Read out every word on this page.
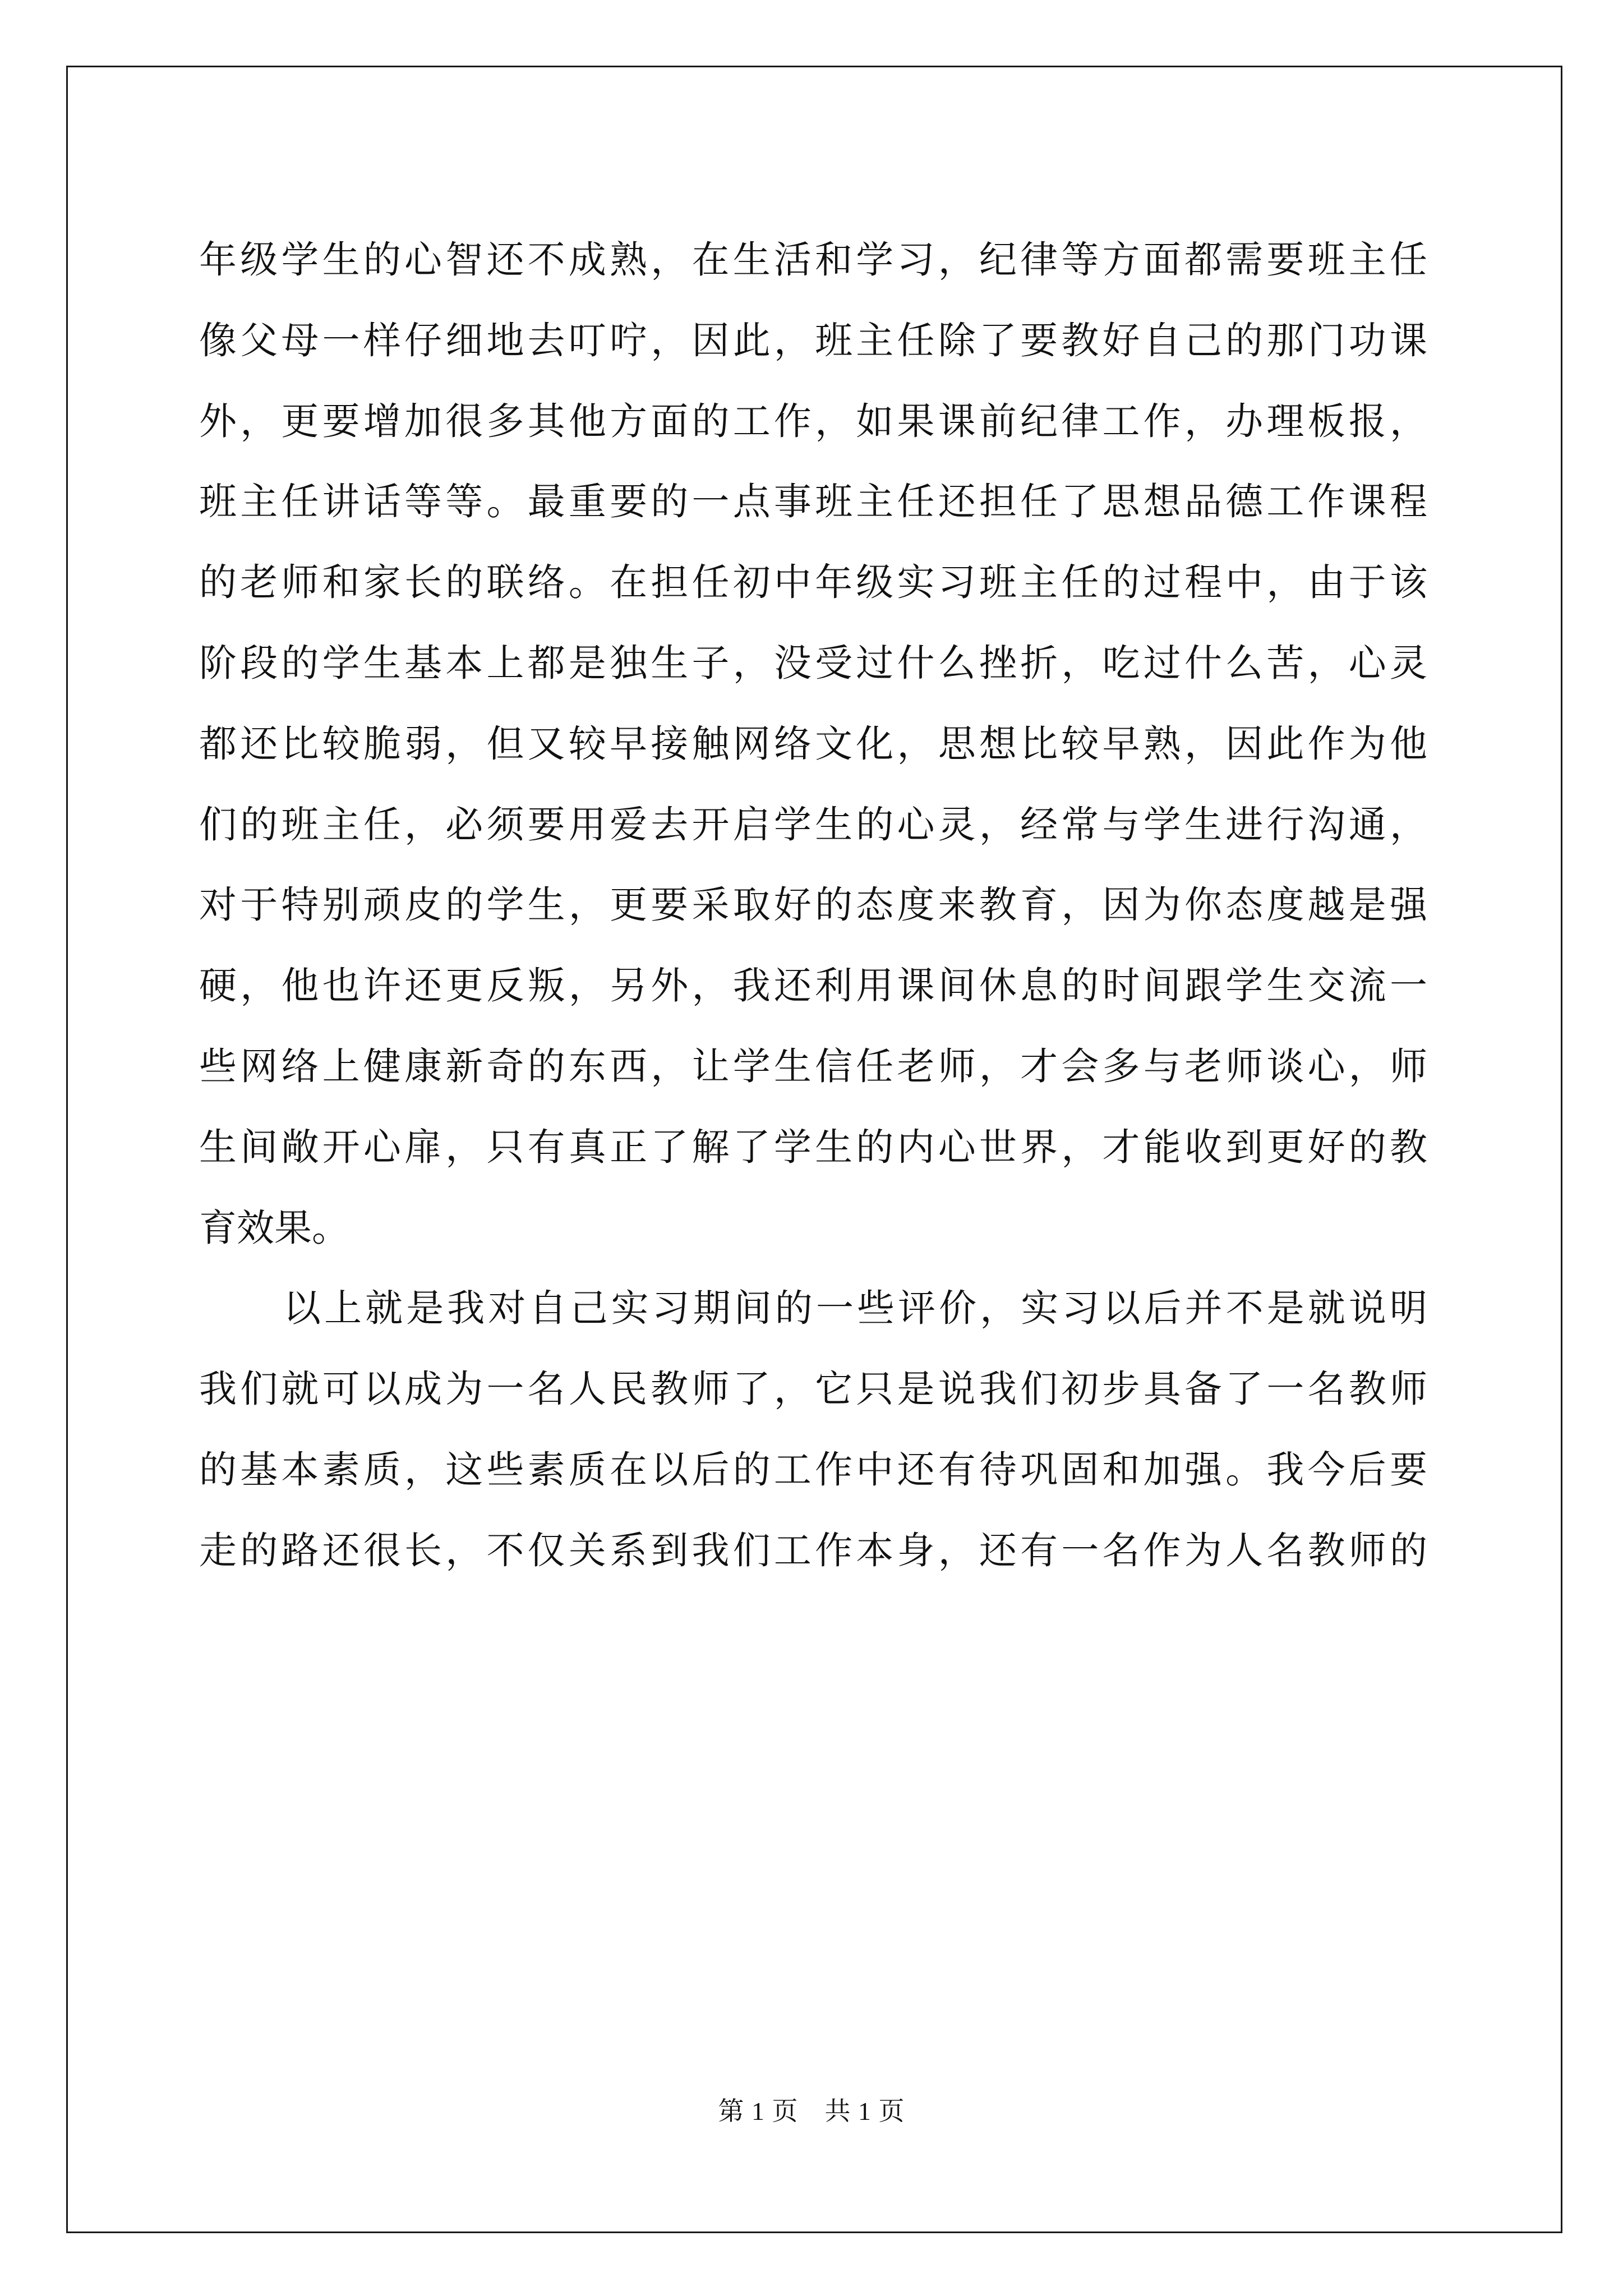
年级学生的心智还不成熟，在生活和学习，纪律等方面都需要班主任
像父母一样仔细地去叮咛，因此，班主任除了要教好自己的那门功课
外，更要增加很多其他方面的工作，如果课前纪律工作，办理板报，
班主任讲话等等。最重要的一点事班主任还担任了思想品德工作课程
的老师和家长的联络。在担任初中年级实习班主任的过程中，由于该
阶段的学生基本上都是独生子，没受过什么挫折，吃过什么苦，心灵
都还比较脆弱，但又较早接触网络文化，思想比较早熟，因此作为他
们的班主任，必须要用爱去开启学生的心灵，经常与学生进行沟通，
对于特别顽皮的学生，更要采取好的态度来教育，因为你态度越是强
硬，他也许还更反叛，另外，我还利用课间休息的时间跟学生交流一
些网络上健康新奇的东西，让学生信任老师，才会多与老师谈心，师
生间敞开心扉，只有真正了解了学生的内心世界，才能收到更好的教
育效果。
以上就是我对自己实习期间的一些评价，实习以后并不是就说明
我们就可以成为一名人民教师了，它只是说我们初步具备了一名教师
的基本素质，这些素质在以后的工作中还有待巩固和加强。我今后要
走的路还很长，不仅关系到我们工作本身，还有一名作为人名教师的
第 1 页　共 1 页
